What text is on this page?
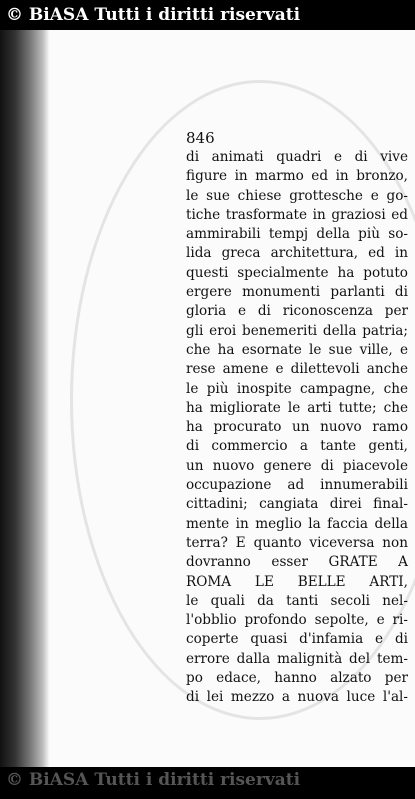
© BiASA Tutti i diritti riservati
846
di animati quadri e di vive
figure in marmo ed in bronzo,
le sue chiese grottesche e go-
tiche trasformate in graziosi ed
ammirabili tempj della più so-
lida greca architettura, ed in
questi specialmente ha potuto
ergere monumenti parlanti di
gloria e di riconoscenza per
gli eroi benemeriti della patria;
che ha esornate le sue ville, e
rese amene e dilettevoli anche
le più inospite campagne, che
ha migliorate le arti tutte; che
ha procurato un nuovo ramo
di commercio a tante genti,
un nuovo genere di piacevole
occupazione ad innumerabili
cittadini; cangiata direi final-
mente in meglio la faccia della
terra? E quanto viceversa non
dovranno esser GRATE A
ROMA LE BELLE ARTI,
le quali da tanti secoli nel-
l'obblio profondo sepolte, e ri-
coperte quasi d'infamia e di
errore dalla malignità del tem-
po edace, hanno alzato per
di lei mezzo a nuova luce l'al-
© BiASA Tutti i diritti riservati
